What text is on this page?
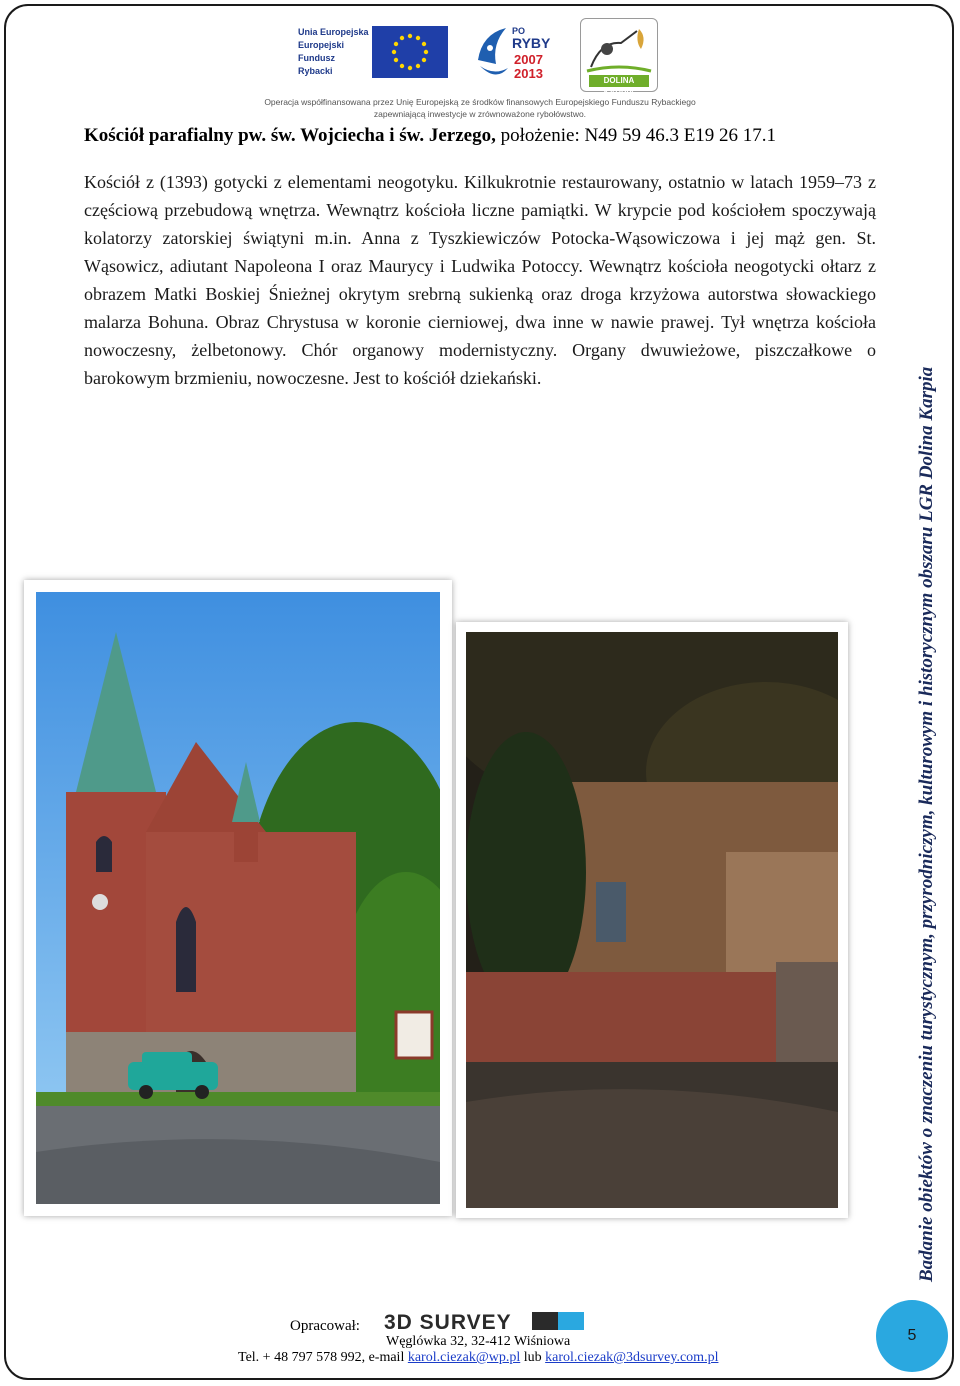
Unia Europejska
Europejski
Fundusz
Rybacki
PO
RYBY
2007
2013	DOLINA KARPIA
Operacja współfinansowana przez Unię Europejską ze środków finansowych Europejskiego Funduszu Rybackiego
zapewniającą inwestycje w zrównoważone rybołówstwo.
Kościół parafialny pw. św. Wojciecha i św. Jerzego, położenie: N49 59 46.3 E19 26 17.1
Kościół z (1393) gotycki z elementami neogotyku. Kilkukrotnie restaurowany, ostatnio w latach 1959–73 z częściową przebudową wnętrza. Wewnątrz kościoła liczne pamiątki. W krypcie pod kościołem spoczywają kolatorzy zatorskiej świątyni m.in. Anna z Tyszkiewiczów Potocka-Wąsowiczowa i jej mąż gen. St. Wąsowicz, adiutant Napoleona I oraz Maurycy i Ludwika Potoccy. Wewnątrz kościoła neogotycki ołtarz z obrazem Matki Boskiej Śnieżnej okrytym srebrną sukienką oraz droga krzyżowa autorstwa słowackiego malarza Bohuna. Obraz Chrystusa w koronie cierniowej, dwa inne w nawie prawej. Tył wnętrza kościoła nowoczesny, żelbetonowy. Chór organowy modernistyczny. Organy dwuwieżowe, piszczałkowe o barokowym brzmieniu, nowoczesne. Jest to kościół dziekański.	Badanie obiektów o znaczeniu turystycznym, przyrodniczym, kulturowym i historycznym obszaru LGR Dolina Karpia
Opracował: 3D SURVEY
Węglówka 32, 32-412 Wiśniowa
Tel. + 48 797 578 992, e-mail karol.ciezak@wp.pl lub karol.ciezak@3dsurvey.com.pl
5
